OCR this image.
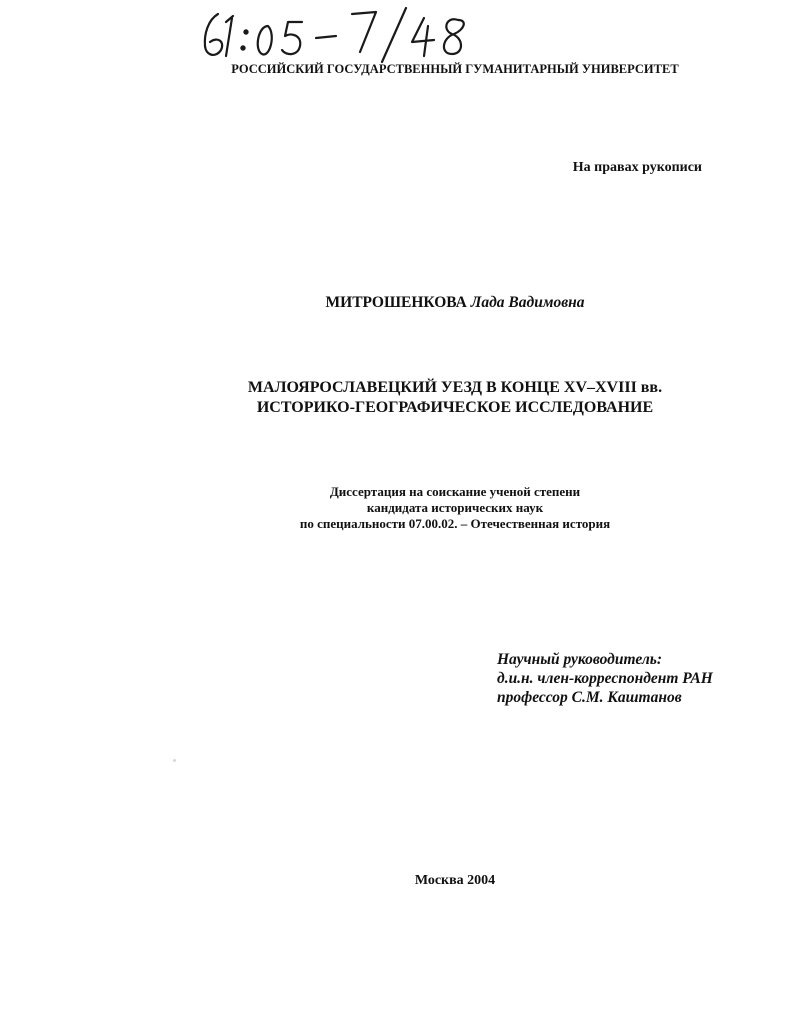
РОССИЙСКИЙ ГОСУДАРСТВЕННЫЙ ГУМАНИТАРНЫЙ УНИВЕРСИТЕТ
На правах рукописи
МИТРОШЕНКОВА Лада Вадимовна
МАЛОЯРОСЛАВЕЦКИЙ УЕЗД В КОНЦЕ XV–XVIII вв.
ИСТОРИКО-ГЕОГРАФИЧЕСКОЕ ИССЛЕДОВАНИЕ
Диссертация на соискание ученой степени
кандидата исторических наук
по специальности 07.00.02. – Отечественная история
Научный руководитель:
д.и.н. член-корреспондент РАН
профессор С.М. Каштанов
Москва 2004
